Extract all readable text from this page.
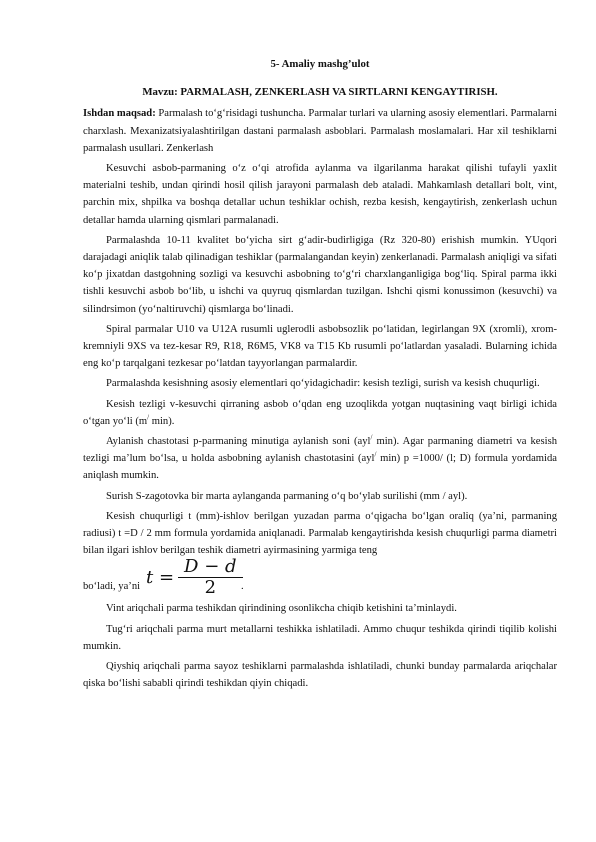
5- Amaliy mashg’ulot
Mavzu: PARMALASH, ZENKERLASH VA SIRTLARNI KENGAYTIRISH.

Ishdan maqsad: Parmalash to‘g‘risidagi tushuncha. Parmalar turlari va ularning asosiy elementlari. Parmalarni charxlash. Mexanizatsiyalashtirilgan dastani parmalash asboblari. Parmalash moslamalari. Har xil teshiklarni parmalash usullari. Zenkerlash

Kesuvchi asbob-parmaning o‘z o‘qi atrofida aylanma va ilgarilanma harakat qilishi tufayli yaxlit materialni teshib, undan qirindi hosil qilish jarayoni parmalash deb ataladi. Mahkamlash detallari bolt, vint, parchin mix, shpilka va boshqa detallar uchun teshiklar ochish, rezba kesish, kengaytirish, zenkerlash uchun detallar hamda ularning qismlari parmalanadi.

Parmalashda 10-11 kvalitet bo‘yicha sirt g‘adir-budirligiga (Rz 320-80) erishish mumkin. YUqori darajadagi aniqlik talab qilinadigan teshiklar (parmalangandan keyin) zenkerlanadi. Parmalash aniqligi va sifati ko‘p jixatdan dastgohning sozligi va kesuvchi asbobning to‘g‘ri charxlanganligiga bog‘liq. Spiral parma ikki tishli kesuvchi asbob bo‘lib, u ishchi va quyruq qismlardan tuzilgan. Ishchi qismi konussimon (kesuvchi) va silindrsimon (yo‘naltiruvchi) qismlarga bo‘linadi.

Spiral parmalar U10 va U12A rusumli uglerodli asbobsozlik po‘latidan, legirlangan 9X (xromli), xrom-kremniyli 9XS va tez-kesar R9, R18, R6M5, VK8 va T15 Kb rusumli po‘latlardan yasaladi. Bularning ichida eng ko‘p tarqalgani tezkesar po‘latdan tayyorlangan parmalardir.

Parmalashda kesishning asosiy elementlari qo‘yidagichadir: kesish tezligi, surish va kesish chuqurligi.

Kesish tezligi v-kesuvchi qirraning asbob o‘qdan eng uzoqlikda yotgan nuqtasining vaqt birligi ichida o‘tgan yo‘li (m/ min).

Aylanish chastotasi p-parmaning minutiga aylanish soni (ayl/ min). Agar parmaning diametri va kesish tezligi ma’lum bo‘lsa, u holda asbobning aylanish chastotasini (ayl/ min) p =1000/ (l; D) formula yordamida aniqlash mumkin.

Surish S-zagotovka bir marta aylanganda parmaning o‘q bo‘ylab surilishi (mm / ayl).

Kesish chuqurligi t (mm)-ishlov berilgan yuzadan parma o‘qigacha bo‘lgan oraliq (ya’ni, parmaning radiusi) t =D / 2 mm formula yordamida aniqlanadi. Parmalab kengaytirishda kesish chuqurligi parma diametri bilan ilgari ishlov berilgan teshik diametri ayirmasining yarmiga teng

bo‘ladi, ya’ni $t = \frac{D - d}{2}$
.

Vint ariqchali parma teshikdan qirindining osonlikcha chiqib ketishini ta’minlaydi.

Tug‘ri ariqchali parma murt metallarni teshikka ishlatiladi. Ammo chuqur teshikda qirindi tiqilib kolishi mumkin.

Qiyshiq ariqchali parma sayoz teshiklarni parmalashda ishlatiladi, chunki bunday parmalarda ariqchalar qiska bo‘lishi sababli qirindi teshikdan qiyin chiqadi.
